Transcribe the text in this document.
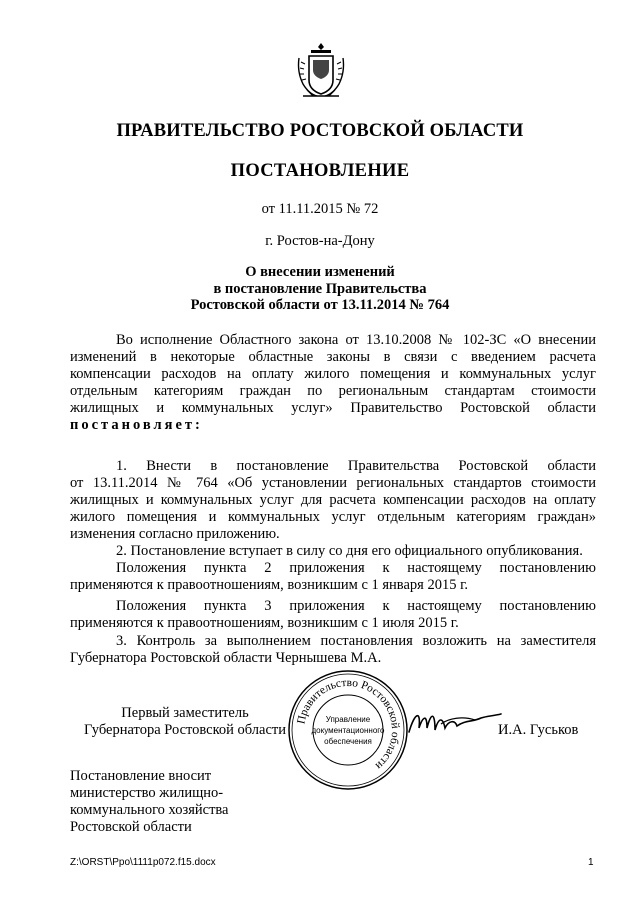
ПРАВИТЕЛЬСТВО РОСТОВСКОЙ ОБЛАСТИ
ПОСТАНОВЛЕНИЕ
от 11.11.2015 № 72
г. Ростов-на-Дону
О внесении изменений
в постановление Правительства
Ростовской области от 13.11.2014 № 764
Во исполнение Областного закона от 13.10.2008 № 102-ЗС «О внесении
изменений в некоторые областные законы в связи с введением расчета
компенсации расходов на оплату жилого помещения и коммунальных услуг
отдельным категориям граждан по региональным стандартам стоимости
жилищных и коммунальных услуг» Правительство Ростовской области
постановляет:
1. Внести в постановление Правительства Ростовской области
от 13.11.2014 № 764 «Об установлении региональных стандартов стоимости
жилищных и коммунальных услуг для расчета компенсации расходов на оплату
жилого помещения и коммунальных услуг отдельным категориям граждан»
изменения согласно приложению.
2. Постановление вступает в силу со дня его официального опубликования.
Положения пункта 2 приложения к настоящему постановлению
применяются к правоотношениям, возникшим с 1 января 2015 г.
Положения пункта 3 приложения к настоящему постановлению
применяются к правоотношениям, возникшим с 1 июля 2015 г.
3. Контроль за выполнением постановления возложить на заместителя
Губернатора Ростовской области Чернышева М.А.
Первый заместитель
Губернатора Ростовской области
Правительство Ростовской области
Управление
документационного
обеспечения
И.А. Гуськов
Постановление вносит
министерство жилищно-
коммунального хозяйства
Ростовской области
Z:\ORST\Ppo\1111p072.f15.docx	1
